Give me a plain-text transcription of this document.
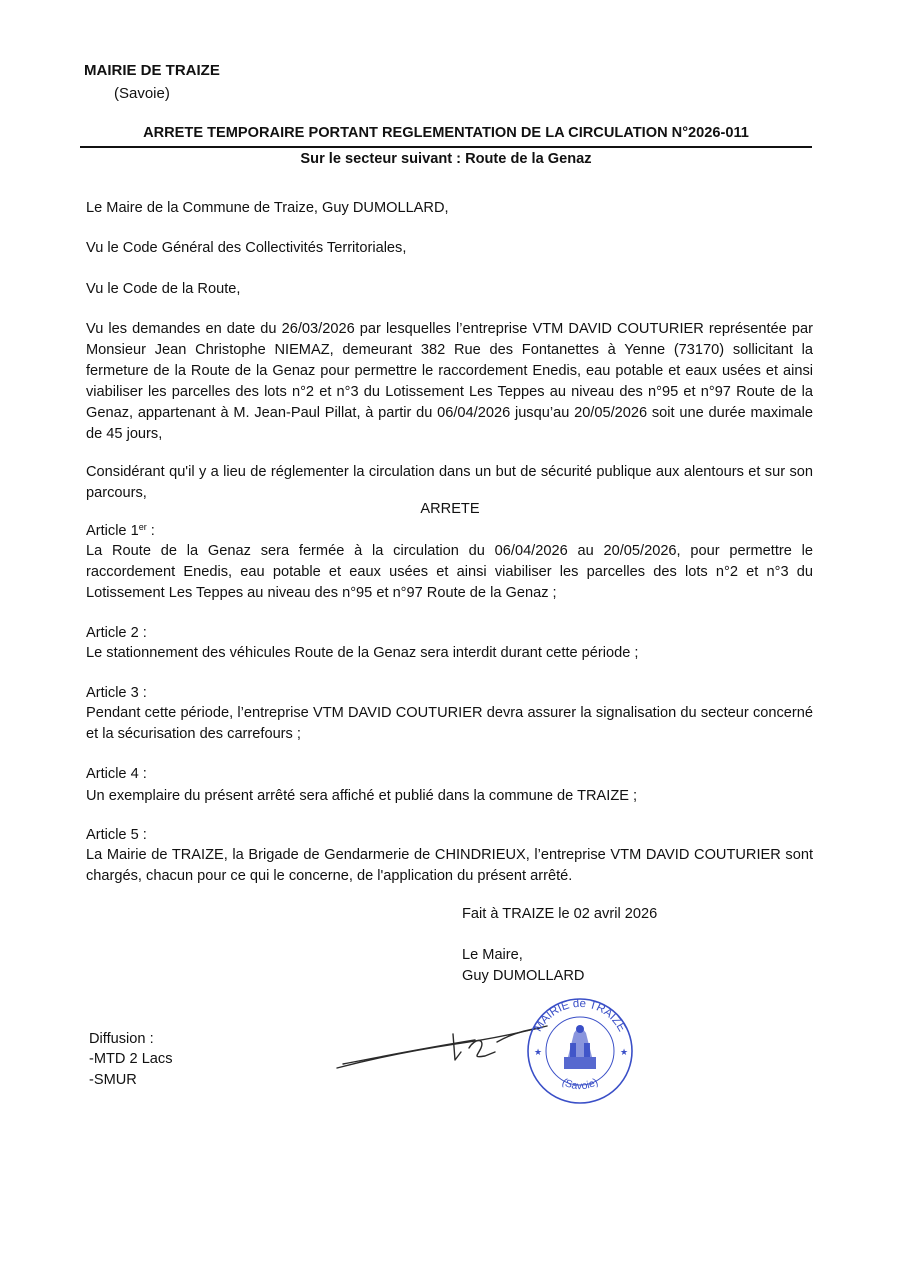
MAIRIE DE TRAIZE
(Savoie)
ARRETE TEMPORAIRE PORTANT REGLEMENTATION DE LA CIRCULATION N°2026-011
Sur le secteur suivant : Route de la Genaz
Le Maire de la Commune de Traize, Guy DUMOLLARD,
Vu le Code Général des Collectivités Territoriales,
Vu le Code de la Route,
Vu les demandes en date du 26/03/2026 par lesquelles l’entreprise VTM DAVID COUTURIER représentée par Monsieur Jean Christophe NIEMAZ, demeurant 382 Rue des Fontanettes à Yenne (73170) sollicitant la fermeture de la Route de la Genaz pour permettre le raccordement Enedis, eau potable et eaux usées et ainsi viabiliser les parcelles des lots n°2 et n°3 du Lotissement Les Teppes au niveau des n°95 et n°97 Route de la Genaz, appartenant à M. Jean-Paul Pillat, à partir du 06/04/2026 jusqu’au 20/05/2026 soit une durée maximale de 45 jours,
Considérant qu'il y a lieu de réglementer la circulation dans un but de sécurité publique aux alentours et sur son parcours,
ARRETE
Article 1er :
La Route de la Genaz sera fermée à la circulation du 06/04/2026 au 20/05/2026, pour permettre le raccordement Enedis, eau potable et eaux usées et ainsi viabiliser les parcelles des lots n°2 et n°3 du Lotissement Les Teppes au niveau des n°95 et n°97 Route de la Genaz ;
Article 2 :
Le stationnement des véhicules Route de la Genaz sera interdit durant cette période ;
Article 3 :
Pendant cette période, l’entreprise VTM DAVID COUTURIER devra assurer la signalisation du secteur concerné et la sécurisation des carrefours ;
Article 4 :
Un exemplaire du présent arrêté sera affiché et publié dans la commune de TRAIZE ;
Article 5 :
La Mairie de TRAIZE, la Brigade de Gendarmerie de CHINDRIEUX, l’entreprise VTM DAVID COUTURIER sont chargés, chacun pour ce qui le concerne, de l'application du présent arrêté.
Fait à TRAIZE le 02 avril 2026
Le Maire,
Guy DUMOLLARD
Diffusion :
-MTD 2 Lacs
-SMUR
MAIRIE de TRAIZE
(Savoie)
★	★
